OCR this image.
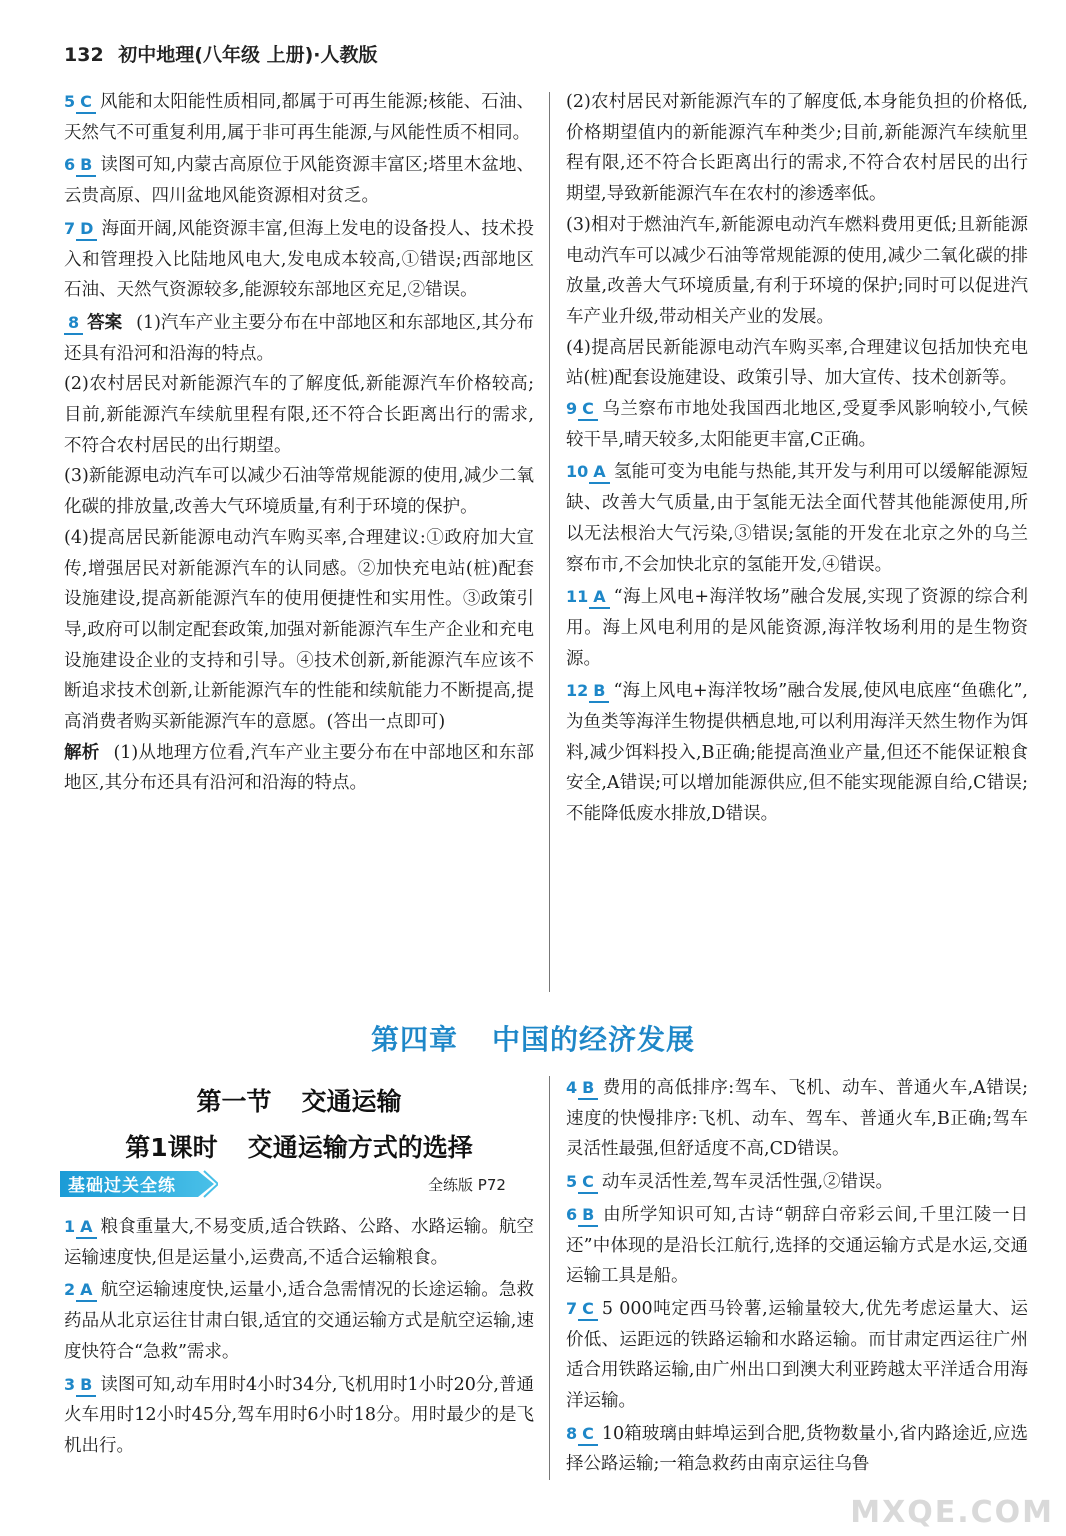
132 初中地理(八年级 上册)·人教版

5 C 风能和太阳能性质相同,都属于可再生能源;核能、石油、天然气不可重复利用,属于非可再生能源,与风能性质不相同。

6 B 读图可知,内蒙古高原位于风能资源丰富区;塔里木盆地、云贵高原、四川盆地风能资源相对贫乏。

7 D 海面开阔,风能资源丰富,但海上发电的设备投人、技术投入和管理投入比陆地风电大,发电成本较高,①错误;西部地区石油、天然气资源较多,能源较东部地区充足,②错误。

8 答案 (1)汽车产业主要分布在中部地区和东部地区,其分布还具有沿河和沿海的特点。

(2)农村居民对新能源汽车的了解度低,新能源汽车价格较高;目前,新能源汽车续航里程有限,还不符合长距离出行的需求,不符合农村居民的出行期望。

(3)新能源电动汽车可以减少石油等常规能源的使用,减少二氧化碳的排放量,改善大气环境质量,有利于环境的保护。

(4)提高居民新能源电动汽车购买率,合理建议:①政府加大宣传,增强居民对新能源汽车的认同感。②加快充电站(桩)配套设施建设,提高新能源汽车的使用便捷性和实用性。③政策引导,政府可以制定配套政策,加强对新能源汽车生产企业和充电设施建设企业的支持和引导。④技术创新,新能源汽车应该不断追求技术创新,让新能源汽车的性能和续航能力不断提高,提高消费者购买新能源汽车的意愿。(答出一点即可)

解析 (1)从地理方位看,汽车产业主要分布在中部地区和东部地区,其分布还具有沿河和沿海的特点。

(2)农村居民对新能源汽车的了解度低,本身能负担的价格低,价格期望值内的新能源汽车种类少;目前,新能源汽车续航里程有限,还不符合长距离出行的需求,不符合农村居民的出行期望,导致新能源汽车在农村的渗透率低。

(3)相对于燃油汽车,新能源电动汽车燃料费用更低;且新能源电动汽车可以减少石油等常规能源的使用,减少二氧化碳的排放量,改善大气环境质量,有利于环境的保护;同时可以促进汽车产业升级,带动相关产业的发展。

(4)提高居民新能源电动汽车购买率,合理建议包括加快充电站(桩)配套设施建设、政策引导、加大宣传、技术创新等。

9 C 乌兰察布市地处我国西北地区,受夏季风影响较小,气候较干旱,晴天较多,太阳能更丰富,C正确。

10 A 氢能可变为电能与热能,其开发与利用可以缓解能源短缺、改善大气质量,由于氢能无法全面代替其他能源使用,所以无法根治大气污染,③错误;氢能的开发在北京之外的乌兰察布市,不会加快北京的氢能开发,④错误。

11 A “海上风电+海洋牧场”融合发展,实现了资源的综合利用。海上风电利用的是风能资源,海洋牧场利用的是生物资源。

12 B “海上风电+海洋牧场”融合发展,使风电底座“鱼礁化”,为鱼类等海洋生物提供栖息地,可以利用海洋天然生物作为饵料,减少饵料投入,B正确;能提高渔业产量,但还不能保证粮食安全,A错误;可以增加能源供应,但不能实现能源自给,C错误;不能降低废水排放,D错误。

第四章 中国的经济发展
第一节 交通运输
第1课时 交通运输方式的选择
基础过关全练	全练版 P72

1 A 粮食重量大,不易变质,适合铁路、公路、水路运输。航空运输速度快,但是运量小,运费高,不适合运输粮食。

2 A 航空运输速度快,运量小,适合急需情况的长途运输。急救药品从北京运往甘肃白银,适宜的交通运输方式是航空运输,速度快符合“急救”需求。

3 B 读图可知,动车用时4小时34分,飞机用时1小时20分,普通火车用时12小时45分,驾车用时6小时18分。用时最少的是飞机出行。

4 B 费用的高低排序:驾车、飞机、动车、普通火车,A错误;速度的快慢排序:飞机、动车、驾车、普通火车,B正确;驾车灵活性最强,但舒适度不高,CD错误。

5 C 动车灵活性差,驾车灵活性强,②错误。

6 B 由所学知识可知,古诗“朝辞白帝彩云间,千里江陵一日还”中体现的是沿长江航行,选择的交通运输方式是水运,交通运输工具是船。

7 C 5 000吨定西马铃薯,运输量较大,优先考虑运量大、运价低、运距远的铁路运输和水路运输。而甘肃定西运往广州适合用铁路运输,由广州出口到澳大利亚跨越太平洋适合用海洋运输。

8 C 10箱玻璃由蚌埠运到合肥,货物数量小,省内路途近,应选择公路运输;一箱急救药由南京运往乌鲁

MXQE.COM
